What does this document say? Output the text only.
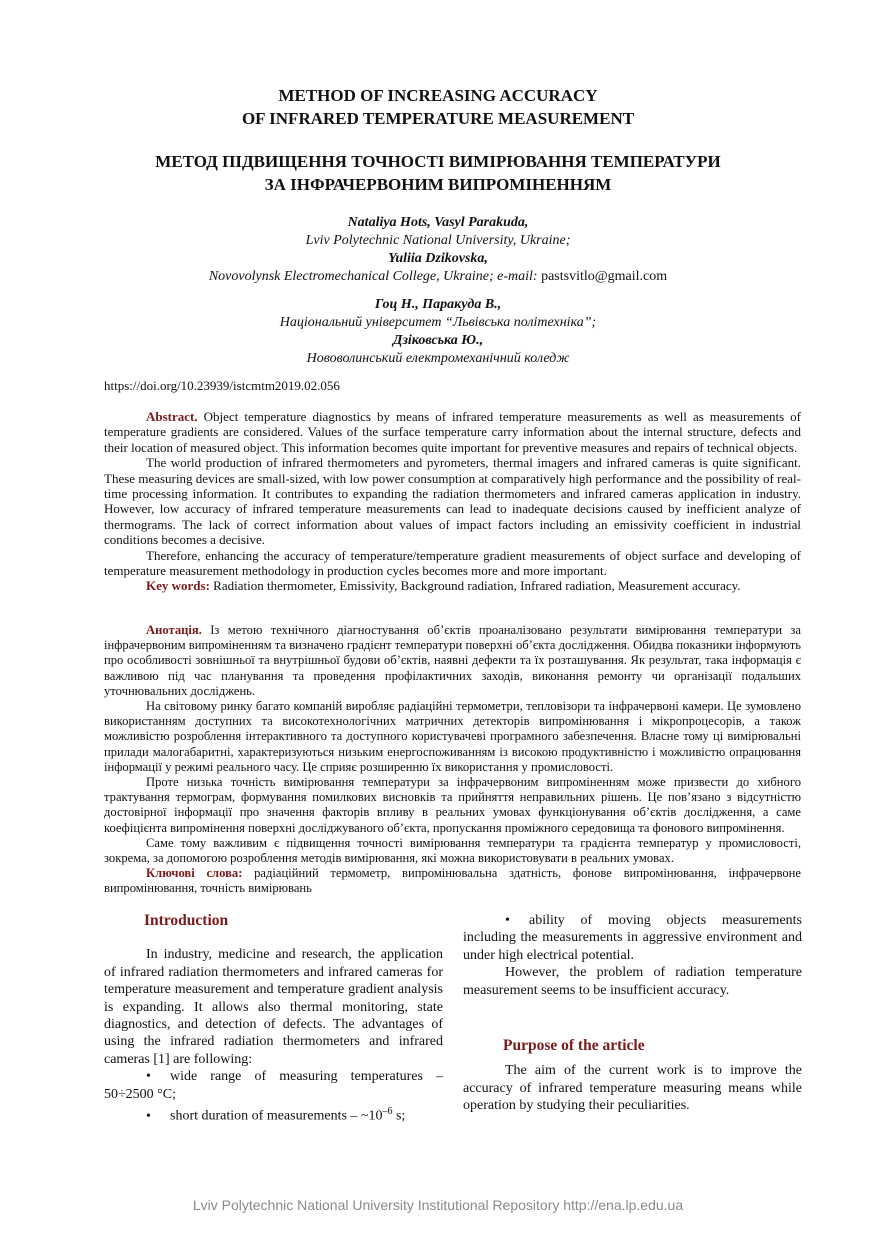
METHOD OF INCREASING ACCURACY
OF INFRARED TEMPERATURE MEASUREMENT
МЕТОД ПІДВИЩЕННЯ ТОЧНОСТІ ВИМІРЮВАННЯ ТЕМПЕРАТУРИ
ЗА ІНФРАЧЕРВОНИМ ВИПРОМІНЕННЯМ
Nataliya Hots, Vasyl Parakuda,
Lviv Polytechnic National University, Ukraine;
Yuliia Dzikovska,
Novovolynsk Electromechanical College, Ukraine; e-mail: pastsvitlo@gmail.com
Гоц Н., Паракуда В.,
Національний університет “Львівська політехніка”;
Дзіковська Ю.,
Нововолинський електромеханічний коледж
https://doi.org/10.23939/istcmtm2019.02.056

Abstract. Object temperature diagnostics by means of infrared temperature measurements as well as measurements of temperature gradients are considered. Values of the surface temperature carry information about the internal structure, defects and their location of measured object. This information becomes quite important for preventive measures and repairs of technical objects.

The world production of infrared thermometers and pyrometers, thermal imagers and infrared cameras is quite significant. These measuring devices are small-sized, with low power consumption at comparatively high performance and the possibility of real-time processing information. It contributes to expanding the radiation thermometers and infrared cameras application in industry. However, low accuracy of infrared temperature measurements can lead to inadequate decisions caused by inefficient analyze of thermograms. The lack of correct information about values of impact factors including an emissivity coefficient in industrial conditions becomes a decisive.

Therefore, enhancing the accuracy of temperature/temperature gradient measurements of object surface and developing of temperature measurement methodology in production cycles becomes more and more important.

Key words: Radiation thermometer, Emissivity, Background radiation, Infrared radiation, Measurement accuracy.

Анотація. Із метою технічного діагностування об’єктів проаналізовано результати вимірювання температури за інфрачервоним випроміненням та визначено градієнт температури поверхні об’єкта дослідження. Обидва показники інформують про особливості зовнішньої та внутрішньої будови об’єктів, наявні дефекти та їх розташування. Як результат, така інформація є важливою під час планування та проведення профілактичних заходів, виконання ремонту чи організації подальших уточнювальних досліджень.

На світовому ринку багато компаній виробляє радіаційні термометри, тепловізори та інфрачервоні камери. Це зумовлено використанням доступних та високотехнологічних матричних детекторів випромінювання і мікропроцесорів, а також можливістю розроблення інтерактивного та доступного користувачеві програмного забезпечення. Власне тому ці вимірювальні прилади малогабаритні, характеризуються низьким енергоспоживанням із високою продуктивністю і можливістю опрацювання інформації у режимі реального часу. Це сприяє розширенню їх використання у промисловості.

Проте низька точність вимірювання температури за інфрачервоним випроміненням може призвести до хибного трактування термограм, формування помилкових висновків та прийняття неправильних рішень. Це пов’язано з відсутністю достовірної інформації про значення факторів впливу в реальних умовах функціонування об’єктів дослідження, а саме коефіцієнта випромінення поверхні досліджуваного об’єкта, пропускання проміжного середовища та фонового випромінення.

Саме тому важливим є підвищення точності вимірювання температури та градієнта температур у промисловості, зокрема, за допомогою розроблення методів вимірювання, які можна використовувати в реальних умовах.

Ключові слова: радіаційний термометр, випромінювальна здатність, фонове випромінювання, інфрачервоне випромінювання, точність вимірювань

Introduction

In industry, medicine and research, the application of infrared radiation thermometers and infrared cameras for temperature measurement and temperature gradient analysis is expanding. It allows also thermal monitoring, state diagnostics, and detection of defects. The advantages of using the infrared radiation thermometers and infrared cameras [1] are following:

• wide range of measuring temperatures – 50÷2500 °C;

• short duration of measurements – $\sim 10^{-6}$ s;

• ability of moving objects measurements including the measurements in aggressive environment and under high electrical potential.

However, the problem of radiation temperature measurement seems to be insufficient accuracy.

Purpose of the article

The aim of the current work is to improve the accuracy of infrared temperature measuring means while operation by studying their peculiarities.

Lviv Polytechnic National University Institutional Repository http://ena.lp.edu.ua
